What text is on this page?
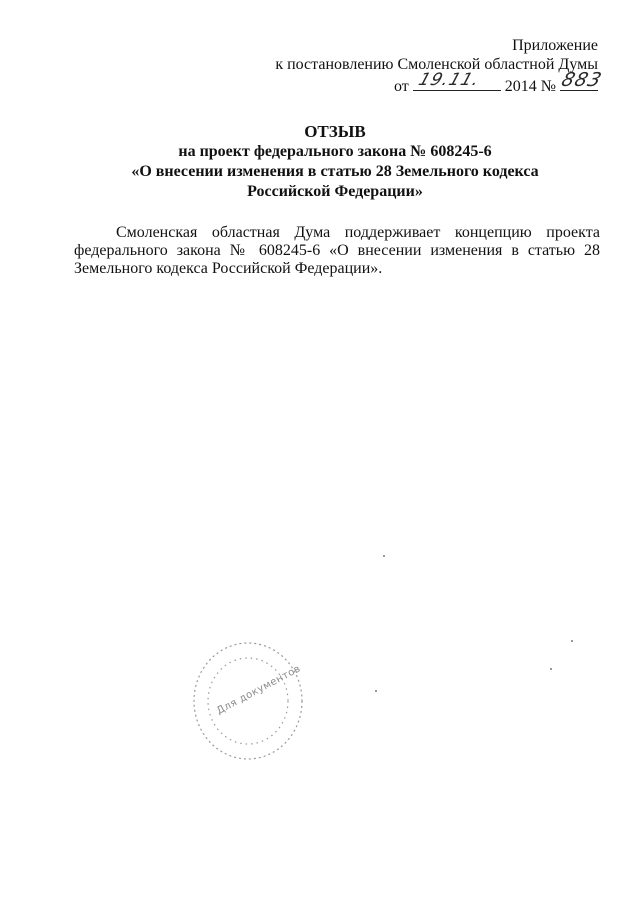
Приложение
к постановлению Смоленской областной Думы
от 19.11. 2014 № 883
ОТЗЫВ
на проект федерального закона № 608245-6
«О внесении изменения в статью 28 Земельного кодекса
Российской Федерации»
Смоленская областная Дума поддерживает концепцию проекта федерального закона № 608245-6 «О внесении изменения в статью 28 Земельного кодекса Российской Федерации».
Для документов
